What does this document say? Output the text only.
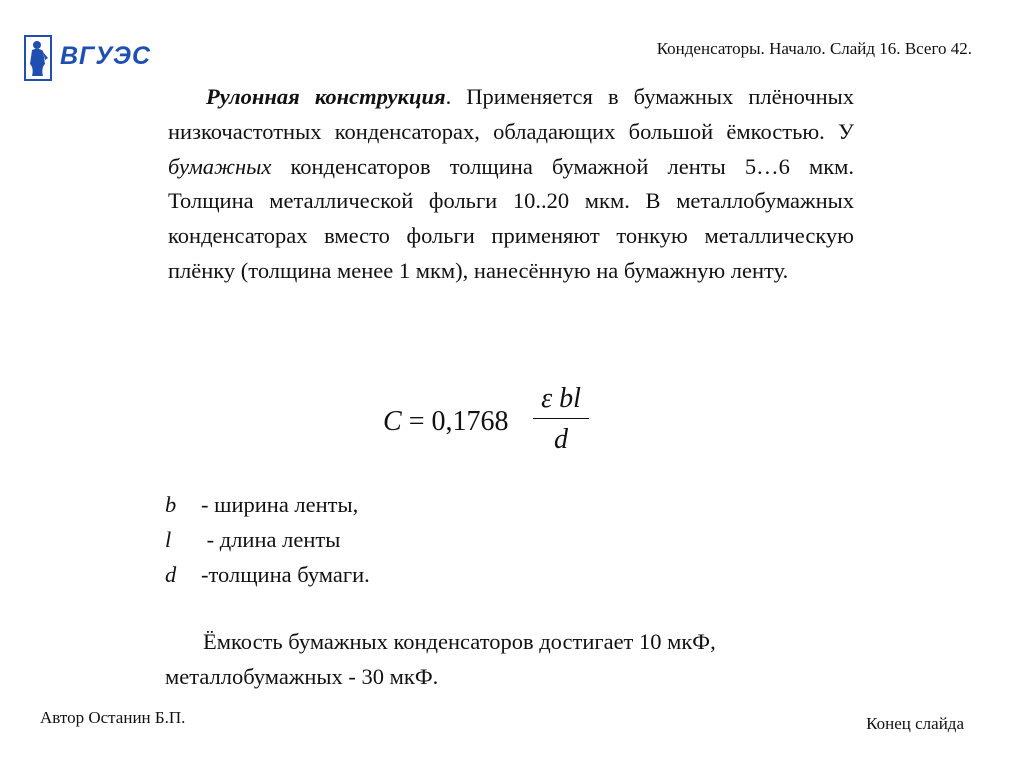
ВГУЭС	Конденсаторы. Начало. Слайд 16. Всего 42.

Рулонная конструкция. Применяется в бумажных плёночных низкочастотных конденсаторах, обладающих большой ёмкостью. У бумажных конденсаторов толщина бумажной ленты 5…6 мкм. Толщина металлической фольги 10..20 мкм. В металлобумажных конденсаторах вместо фольги применяют тонкую металлическую плёнку (толщина менее 1 мкм), нанесённую на бумажную ленту.

C = 0,1768
ε bl
d
b - ширина ленты,
l - длина ленты
d -толщина бумаги.
Ёмкость бумажных конденсаторов достигает 10 мкФ,
металлобумажных - 30 мкФ.
Автор Останин Б.П.	Конец слайда
